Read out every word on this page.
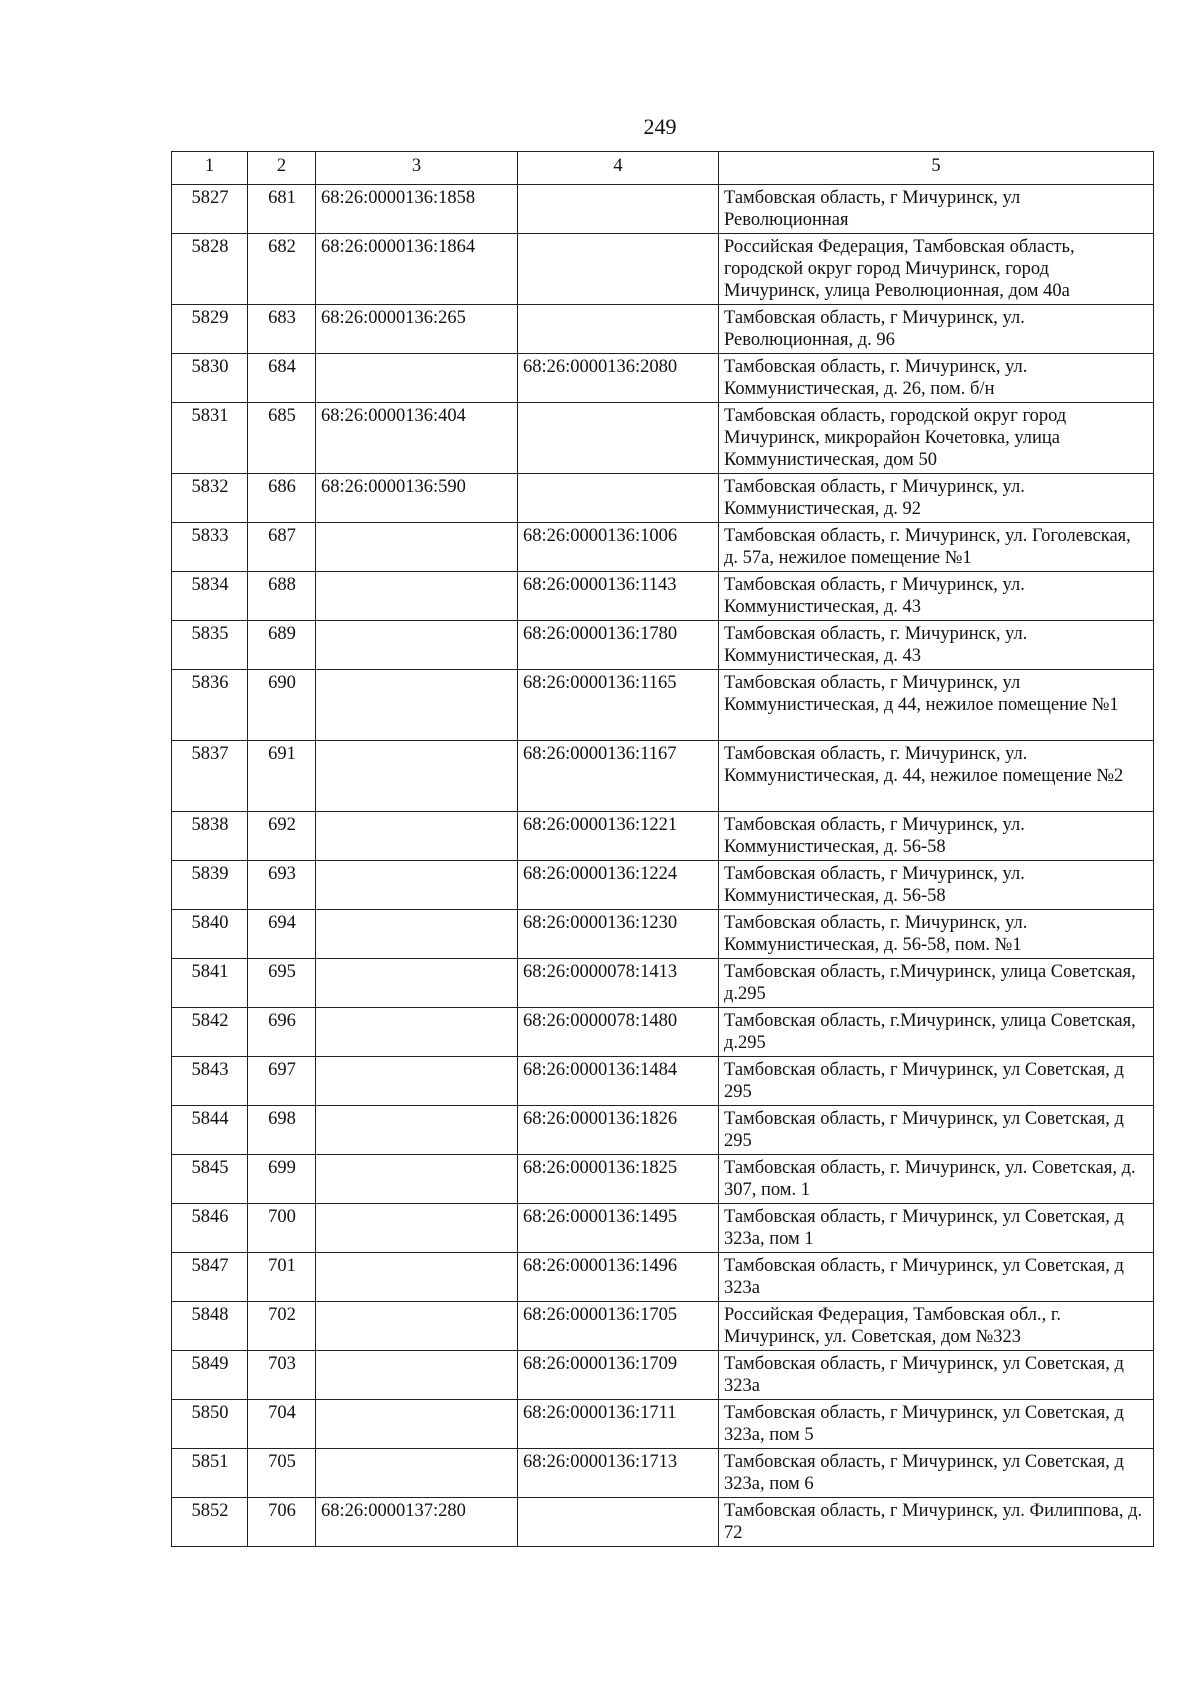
249
1	2	3	4	5
5827	681	68:26:0000136:1858		Тамбовская область, г Мичуринск, ул Революционная
5828	682	68:26:0000136:1864		Российская Федерация, Тамбовская область, городской округ город Мичуринск, город Мичуринск, улица Революционная, дом 40а
5829	683	68:26:0000136:265		Тамбовская область, г Мичуринск, ул. Революционная, д. 96
5830	684		68:26:0000136:2080	Тамбовская область, г. Мичуринск, ул. Коммунистическая, д. 26, пом. б/н
5831	685	68:26:0000136:404		Тамбовская область, городской округ город Мичуринск, микрорайон Кочетовка, улица Коммунистическая, дом 50
5832	686	68:26:0000136:590		Тамбовская область, г Мичуринск, ул. Коммунистическая, д. 92
5833	687		68:26:0000136:1006	Тамбовская область, г. Мичуринск, ул. Гоголевская, д. 57а, нежилое помещение №1
5834	688		68:26:0000136:1143	Тамбовская область, г Мичуринск, ул. Коммунистическая, д. 43
5835	689		68:26:0000136:1780	Тамбовская область, г. Мичуринск, ул. Коммунистическая, д. 43
5836	690		68:26:0000136:1165	Тамбовская область, г Мичуринск, ул Коммунистическая, д 44, нежилое помещение №1
5837	691		68:26:0000136:1167	Тамбовская область, г. Мичуринск, ул. Коммунистическая, д. 44, нежилое помещение №2
5838	692		68:26:0000136:1221	Тамбовская область, г Мичуринск, ул. Коммунистическая, д. 56-58
5839	693		68:26:0000136:1224	Тамбовская область, г Мичуринск, ул. Коммунистическая, д. 56-58
5840	694		68:26:0000136:1230	Тамбовская область, г. Мичуринск, ул. Коммунистическая, д. 56-58, пом. №1
5841	695		68:26:0000078:1413	Тамбовская область, г.Мичуринск, улица Советская, д.295
5842	696		68:26:0000078:1480	Тамбовская область, г.Мичуринск, улица Советская, д.295
5843	697		68:26:0000136:1484	Тамбовская область, г Мичуринск, ул Советская, д 295
5844	698		68:26:0000136:1826	Тамбовская область, г Мичуринск, ул Советская, д 295
5845	699		68:26:0000136:1825	Тамбовская область, г. Мичуринск, ул. Советская, д. 307, пом. 1
5846	700		68:26:0000136:1495	Тамбовская область, г Мичуринск, ул Советская, д 323а, пом 1
5847	701		68:26:0000136:1496	Тамбовская область, г Мичуринск, ул Советская, д 323а
5848	702		68:26:0000136:1705	Российская Федерация, Тамбовская обл., г. Мичуринск, ул. Советская, дом №323
5849	703		68:26:0000136:1709	Тамбовская область, г Мичуринск, ул Советская, д 323а
5850	704		68:26:0000136:1711	Тамбовская область, г Мичуринск, ул Советская, д 323а, пом 5
5851	705		68:26:0000136:1713	Тамбовская область, г Мичуринск, ул Советская, д 323а, пом 6
5852	706	68:26:0000137:280		Тамбовская область, г Мичуринск, ул. Филиппова, д. 72
